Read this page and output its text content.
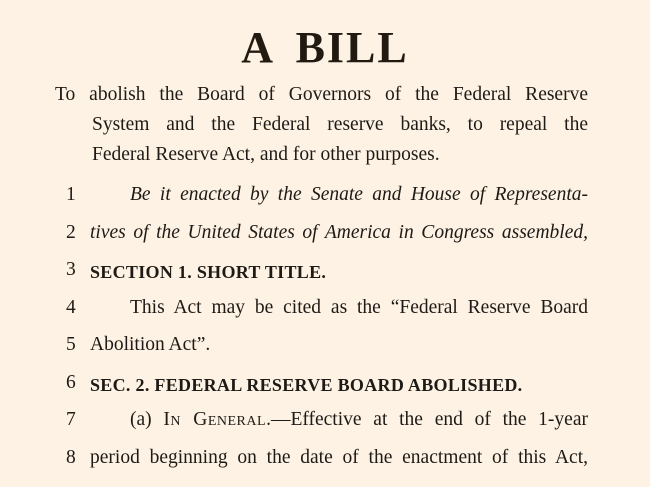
A BILL
To abolish the Board of Governors of the Federal Reserve
System and the Federal reserve banks, to repeal the
Federal Reserve Act, and for other purposes.
1	Be it enacted by the Senate and House of Representa-
2 tives of the United States of America in Congress assembled,
3 SECTION 1. SHORT TITLE.
4	This Act may be cited as the “Federal Reserve Board
5 Abolition Act”.
6 SEC. 2. FEDERAL RESERVE BOARD ABOLISHED.
7	(a) In General.—Effective at the end of the 1-year
8 period beginning on the date of the enactment of this Act,
